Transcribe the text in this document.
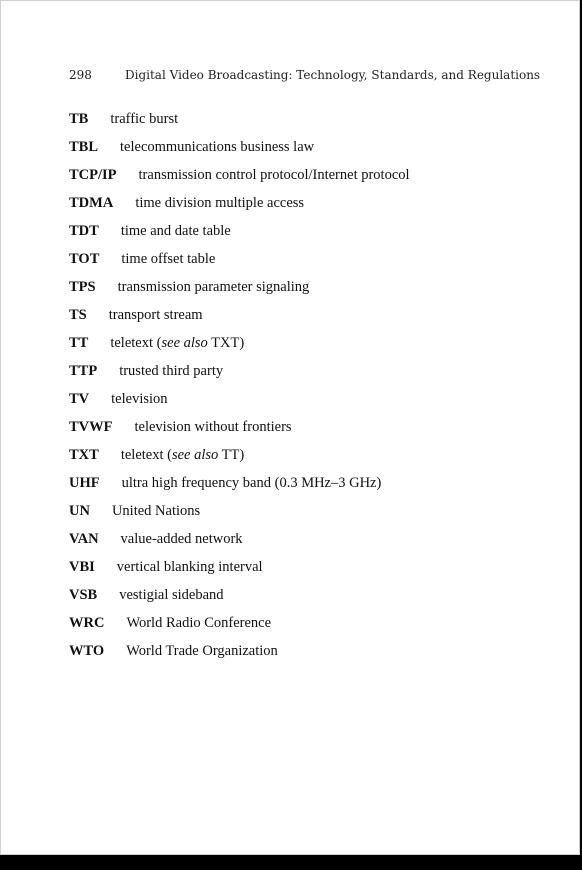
298	Digital Video Broadcasting: Technology, Standards, and Regulations
TB traffic burst
TBL telecommunications business law
TCP/IP transmission control protocol/Internet protocol
TDMA time division multiple access
TDT time and date table
TOT time offset table
TPS transmission parameter signaling
TS transport stream
TT teletext (see also TXT)
TTP trusted third party
TV television
TVWF television without frontiers
TXT teletext (see also TT)
UHF ultra high frequency band (0.3 MHz–3 GHz)
UN United Nations
VAN value-added network
VBI vertical blanking interval
VSB vestigial sideband
WRC World Radio Conference
WTO World Trade Organization
